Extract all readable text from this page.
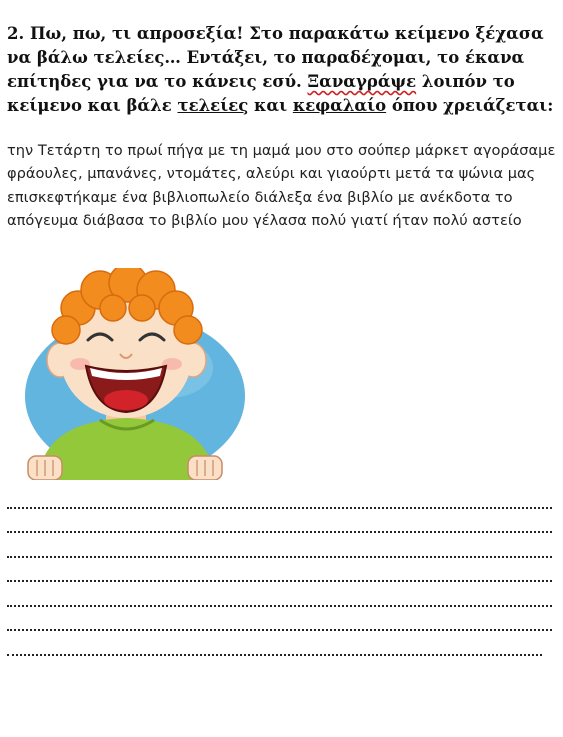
2. Πω, πω, τι απροσεξία! Στο παρακάτω κείμενο ξέχασα να βάλω τελείες… Εντάξει, το παραδέχομαι, το έκανα επίτηδες για να το κάνεις εσύ. Ξαναγράψε λοιπόν το κείμενο και βάλε τελείες και κεφαλαίο όπου χρειάζεται:
την Τετάρτη το πρωί πήγα με τη μαμά μου στο σούπερ μάρκετ αγοράσαμε φράουλες, μπανάνες, ντομάτες, αλεύρι και γιαούρτι μετά τα ψώνια μας επισκεφτήκαμε ένα βιβλιοπωλείο διάλεξα ένα βιβλίο με ανέκδοτα το απόγευμα διάβασα το βιβλίο μου γέλασα πολύ γιατί ήταν πολύ αστείο
